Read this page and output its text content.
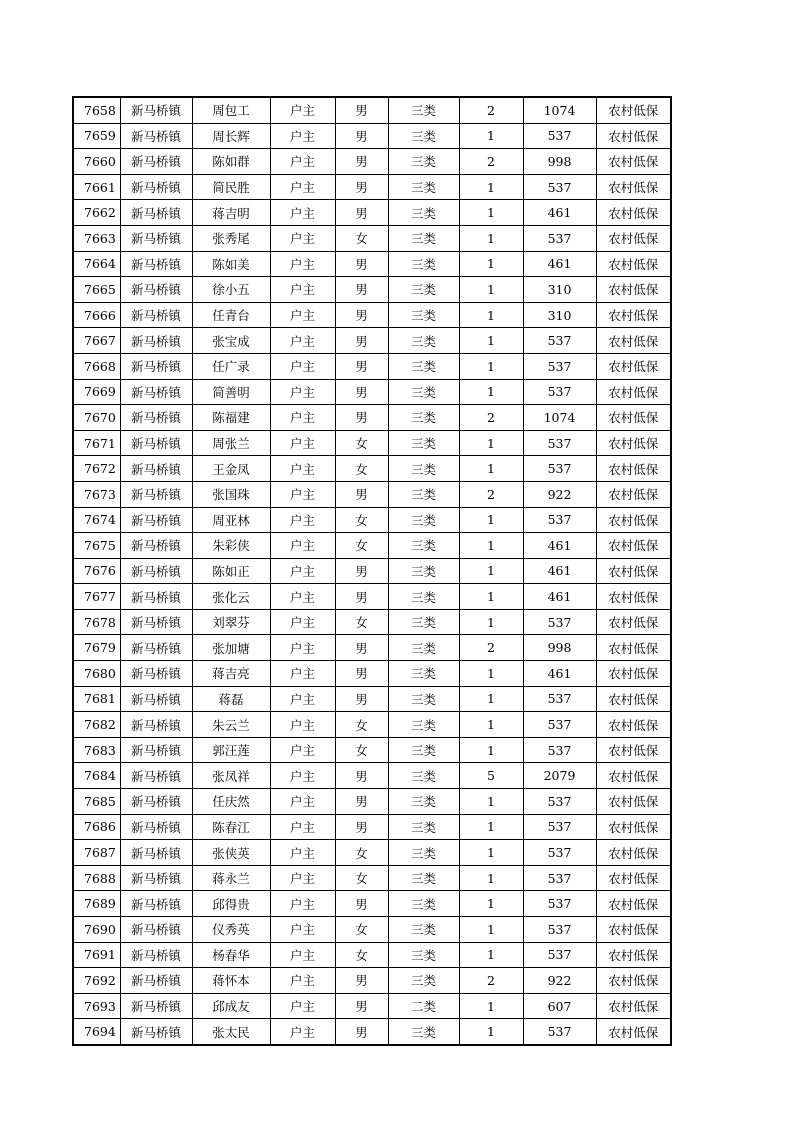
7658	新马桥镇	周包工	户主	男	三类	2	1074	农村低保
7659	新马桥镇	周长辉	户主	男	三类	1	537	农村低保
7660	新马桥镇	陈如群	户主	男	三类	2	998	农村低保
7661	新马桥镇	简民胜	户主	男	三类	1	537	农村低保
7662	新马桥镇	蒋吉明	户主	男	三类	1	461	农村低保
7663	新马桥镇	张秀尾	户主	女	三类	1	537	农村低保
7664	新马桥镇	陈如美	户主	男	三类	1	461	农村低保
7665	新马桥镇	徐小五	户主	男	三类	1	310	农村低保
7666	新马桥镇	任青台	户主	男	三类	1	310	农村低保
7667	新马桥镇	张宝成	户主	男	三类	1	537	农村低保
7668	新马桥镇	任广录	户主	男	三类	1	537	农村低保
7669	新马桥镇	简善明	户主	男	三类	1	537	农村低保
7670	新马桥镇	陈福建	户主	男	三类	2	1074	农村低保
7671	新马桥镇	周张兰	户主	女	三类	1	537	农村低保
7672	新马桥镇	王金凤	户主	女	三类	1	537	农村低保
7673	新马桥镇	张国珠	户主	男	三类	2	922	农村低保
7674	新马桥镇	周亚林	户主	女	三类	1	537	农村低保
7675	新马桥镇	朱彩侠	户主	女	三类	1	461	农村低保
7676	新马桥镇	陈如正	户主	男	三类	1	461	农村低保
7677	新马桥镇	张化云	户主	男	三类	1	461	农村低保
7678	新马桥镇	刘翠芬	户主	女	三类	1	537	农村低保
7679	新马桥镇	张加塘	户主	男	三类	2	998	农村低保
7680	新马桥镇	蒋吉亮	户主	男	三类	1	461	农村低保
7681	新马桥镇	蒋磊	户主	男	三类	1	537	农村低保
7682	新马桥镇	朱云兰	户主	女	三类	1	537	农村低保
7683	新马桥镇	郭汪莲	户主	女	三类	1	537	农村低保
7684	新马桥镇	张凤祥	户主	男	三类	5	2079	农村低保
7685	新马桥镇	任庆然	户主	男	三类	1	537	农村低保
7686	新马桥镇	陈春江	户主	男	三类	1	537	农村低保
7687	新马桥镇	张侠英	户主	女	三类	1	537	农村低保
7688	新马桥镇	蒋永兰	户主	女	三类	1	537	农村低保
7689	新马桥镇	邱得贵	户主	男	三类	1	537	农村低保
7690	新马桥镇	仪秀英	户主	女	三类	1	537	农村低保
7691	新马桥镇	杨春华	户主	女	三类	1	537	农村低保
7692	新马桥镇	蒋怀本	户主	男	三类	2	922	农村低保
7693	新马桥镇	邱成友	户主	男	二类	1	607	农村低保
7694	新马桥镇	张太民	户主	男	三类	1	537	农村低保
